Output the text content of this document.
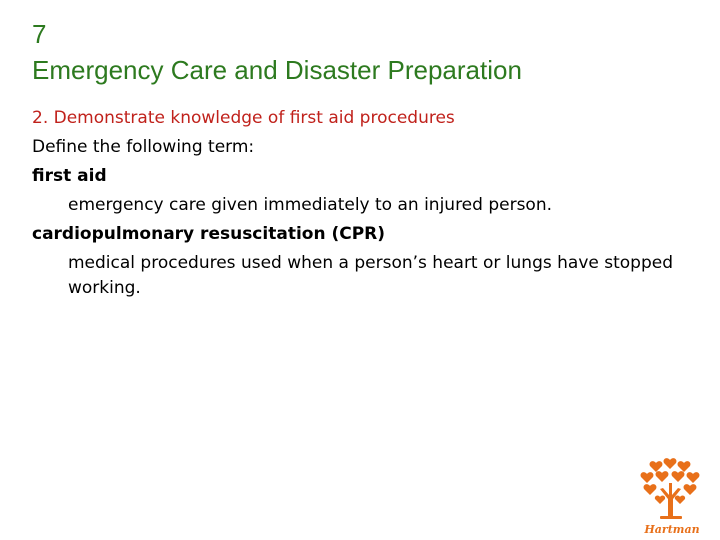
7
Emergency Care and Disaster Preparation

2. Demonstrate knowledge of first aid procedures

Define the following term:

first aid

emergency care given immediately to an injured person.

cardiopulmonary resuscitation (CPR)

medical procedures used when a person’s heart or lungs have stopped working.

Hartman
